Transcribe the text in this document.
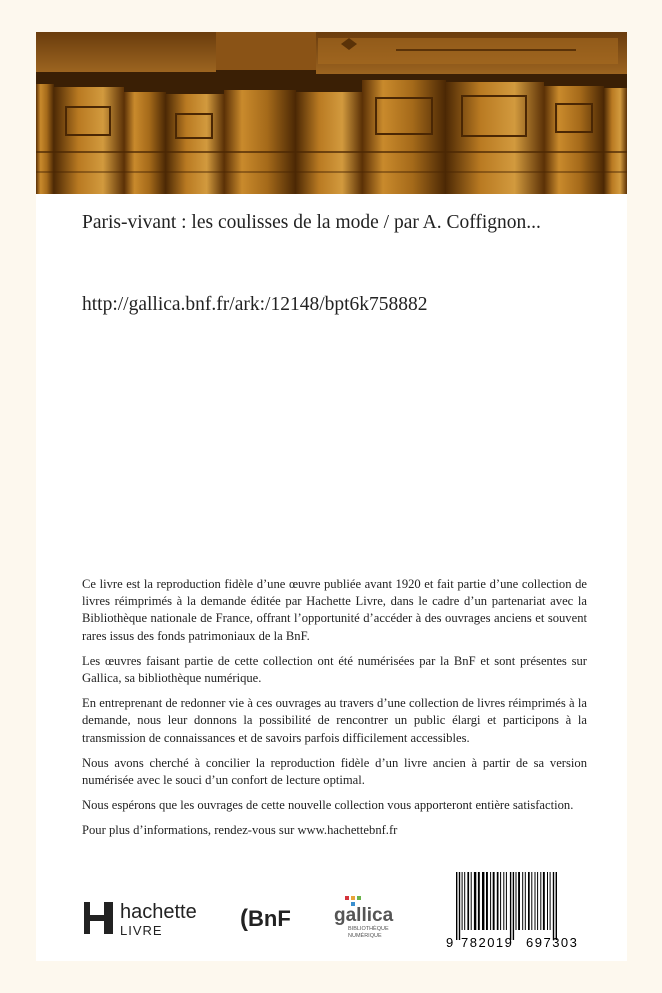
Paris-vivant : les coulisses de la mode / par A. Coffignon...
http://gallica.bnf.fr/ark:/12148/bpt6k758882

Ce livre est la reproduction fidèle d’une œuvre publiée avant 1920 et fait partie d’une collection de livres réimprimés à la demande éditée par Hachette Livre, dans le cadre d’un partenariat avec la Bibliothèque nationale de France, offrant l’opportunité d’accéder à des ouvrages anciens et souvent rares issus des fonds patrimoniaux de la BnF.

Les œuvres faisant partie de cette collection ont été numérisées par la BnF et sont présentes sur Gallica, sa bibliothèque numérique.

En entreprenant de redonner vie à ces ouvrages au travers d’une collection de livres réimprimés à la demande, nous leur donnons la possibilité de rencontrer un public élargi et participons à la transmission de connaissances et de savoirs parfois difficilement accessibles.

Nous avons cherché à concilier la reproduction fidèle d’un livre ancien à partir de sa version numérisée avec le souci d’un confort de lecture optimal.

Nous espérons que les ouvrages de cette nouvelle collection vous apporteront entière satisfaction.

Pour plus d’informations, rendez-vous sur www.hachettebnf.fr

hachette
LIVRE	( BnF gallica
BIBLIOTHÈQUE
NUMÉRIQUE	9 782019 697303
